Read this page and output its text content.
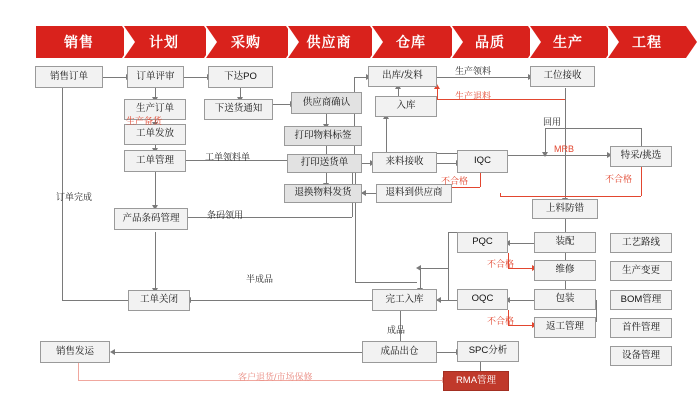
销售	计划	采购	供应商	仓库	品质	生产	工程
销售订单	订单评审
生产订单
工单发放
工单管理
产品条码管理
工单关闭
销售发运
下达PO
下送货通知
供应商确认
打印物料标签
打印送货单
退换物料发货
出库/发料
入库
来料接收
退料到供应商
IQC
工位接收
特采/挑选
上料防错
PQC	装配
维修
包装
OQC
返工管理
完工入库
成品出仓	SPC分析
RMA管理
工艺路线
生产变更
BOM管理
首件管理
设备管理
生产备货
工单领料单
条码领用
订单完成
半成品
成品
生产领料
生产退料
回用
MRB
不合格	不合格
不合格
不合格
客户退货/市场保修
